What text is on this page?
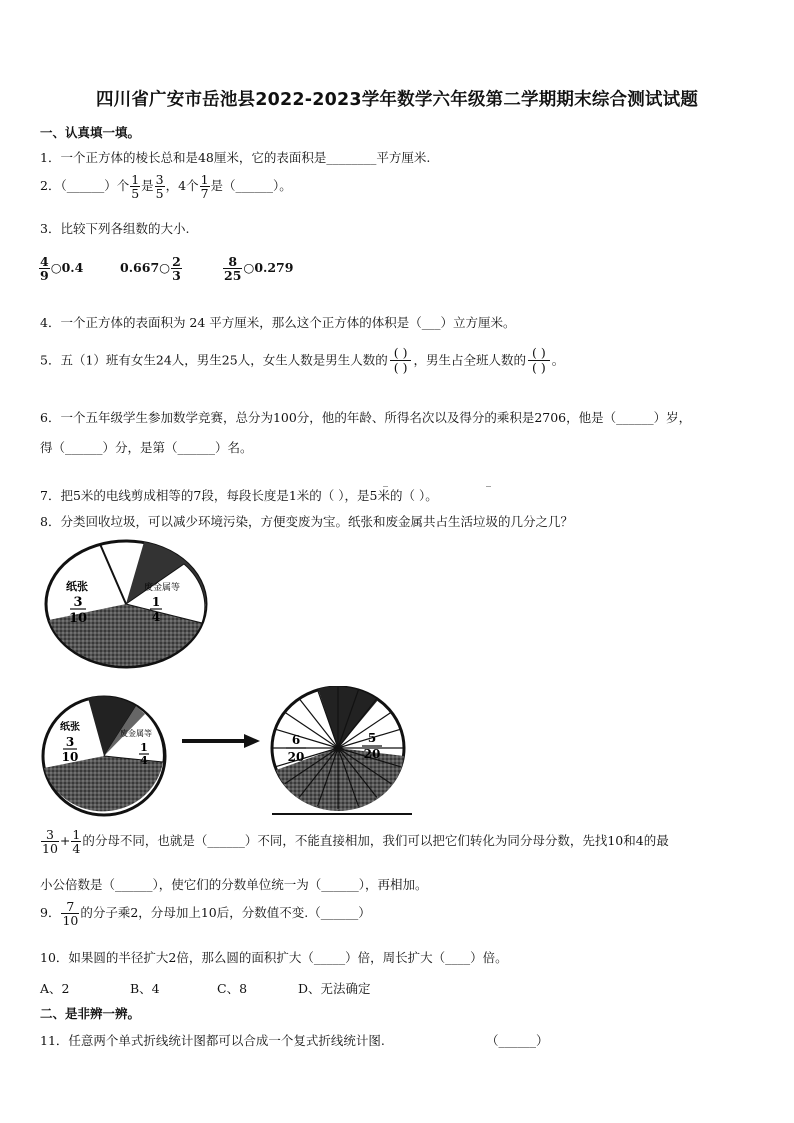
四川省广安市岳池县2022-2023学年数学六年级第二学期期末综合测试试题
一、认真填一填。
1．一个正方体的棱长总和是48厘米，它的表面积是________平方厘米.
2．（______）个 $\frac{1}{5}$ 是 $\frac{3}{5}$ ，4个 $\frac{1}{7}$ 是（______）。
3．比较下列各组数的大小.
$\frac{4}{9}$ ○0.4	0.667○ $\frac{2}{3}$	$\frac{8}{25}$ ○0.279
4．一个正方体的表面积为 24 平方厘米，那么这个正方体的体积是（___）立方厘米。
5．五（1）班有女生24人，男生25人，女生人数是男生人数的 ( )
( )
，男生占全班人数的 ( )
( )
。
6．一个五年级学生参加数学竞赛，总分为100分，他的年龄、所得名次以及得分的乘积是2706，他是（______）岁，
得（______）分，是第（______）名。
7．把5米的电线剪成相等的7段，每段长度是1米的（ ），是5米的（ ）。
_	_
8．分类回收垃圾，可以减少环境污染，方便变废为宝。纸张和废金属共占生活垃圾的几分之几？
纸张
3
10
废金属等
1
4
纸张
3
10
废金属等
1
4
6
20
5
20
$\frac{3}{10} + \frac{1}{4}$ 的分母不同，也就是（______）不同，不能直接相加，我们可以把它们转化为同分母分数，先找10和4的最
小公倍数是（______），使它们的分数单位统一为（______），再相加。
9． $\frac{7}{10}$ 的分子乘2，分母加上10后，分数值不变.（______）
10．如果圆的半径扩大2倍，那么圆的面积扩大（_____）倍，周长扩大（____）倍。
A、2	B、4	C、8	D、无法确定
二、是非辨一辨。
11．任意两个单式折线统计图都可以合成一个复式折线统计图.	（______）
